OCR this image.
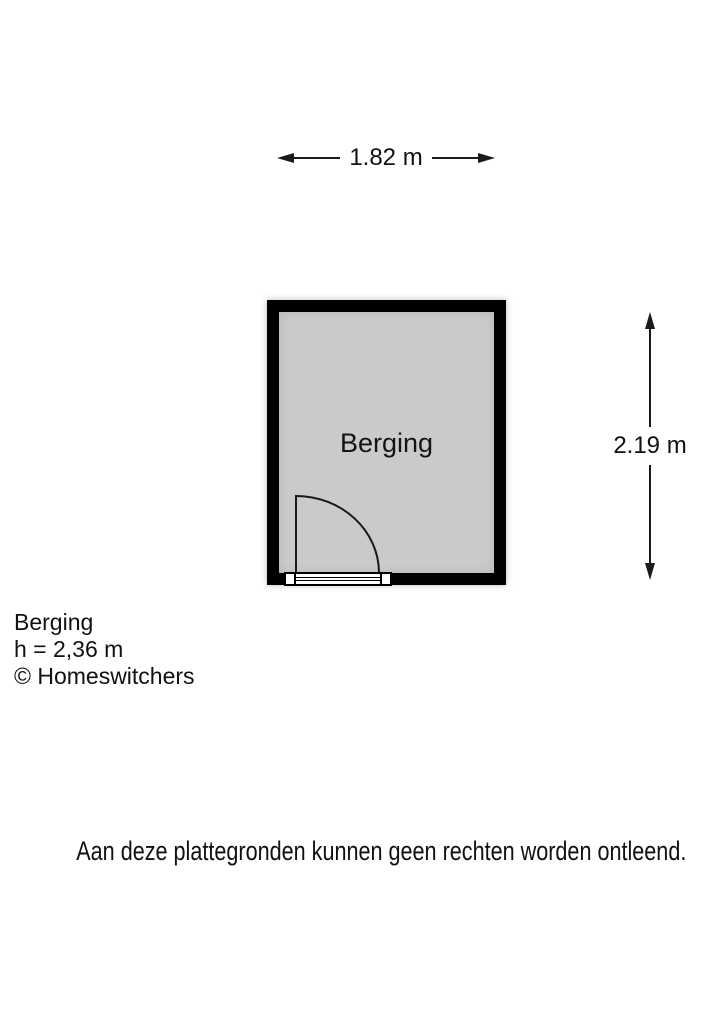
1.82 m
Berging	2.19 m
Berging
h = 2,36 m
© Homeswitchers
Aan deze plattegronden kunnen geen rechten worden ontleend.
